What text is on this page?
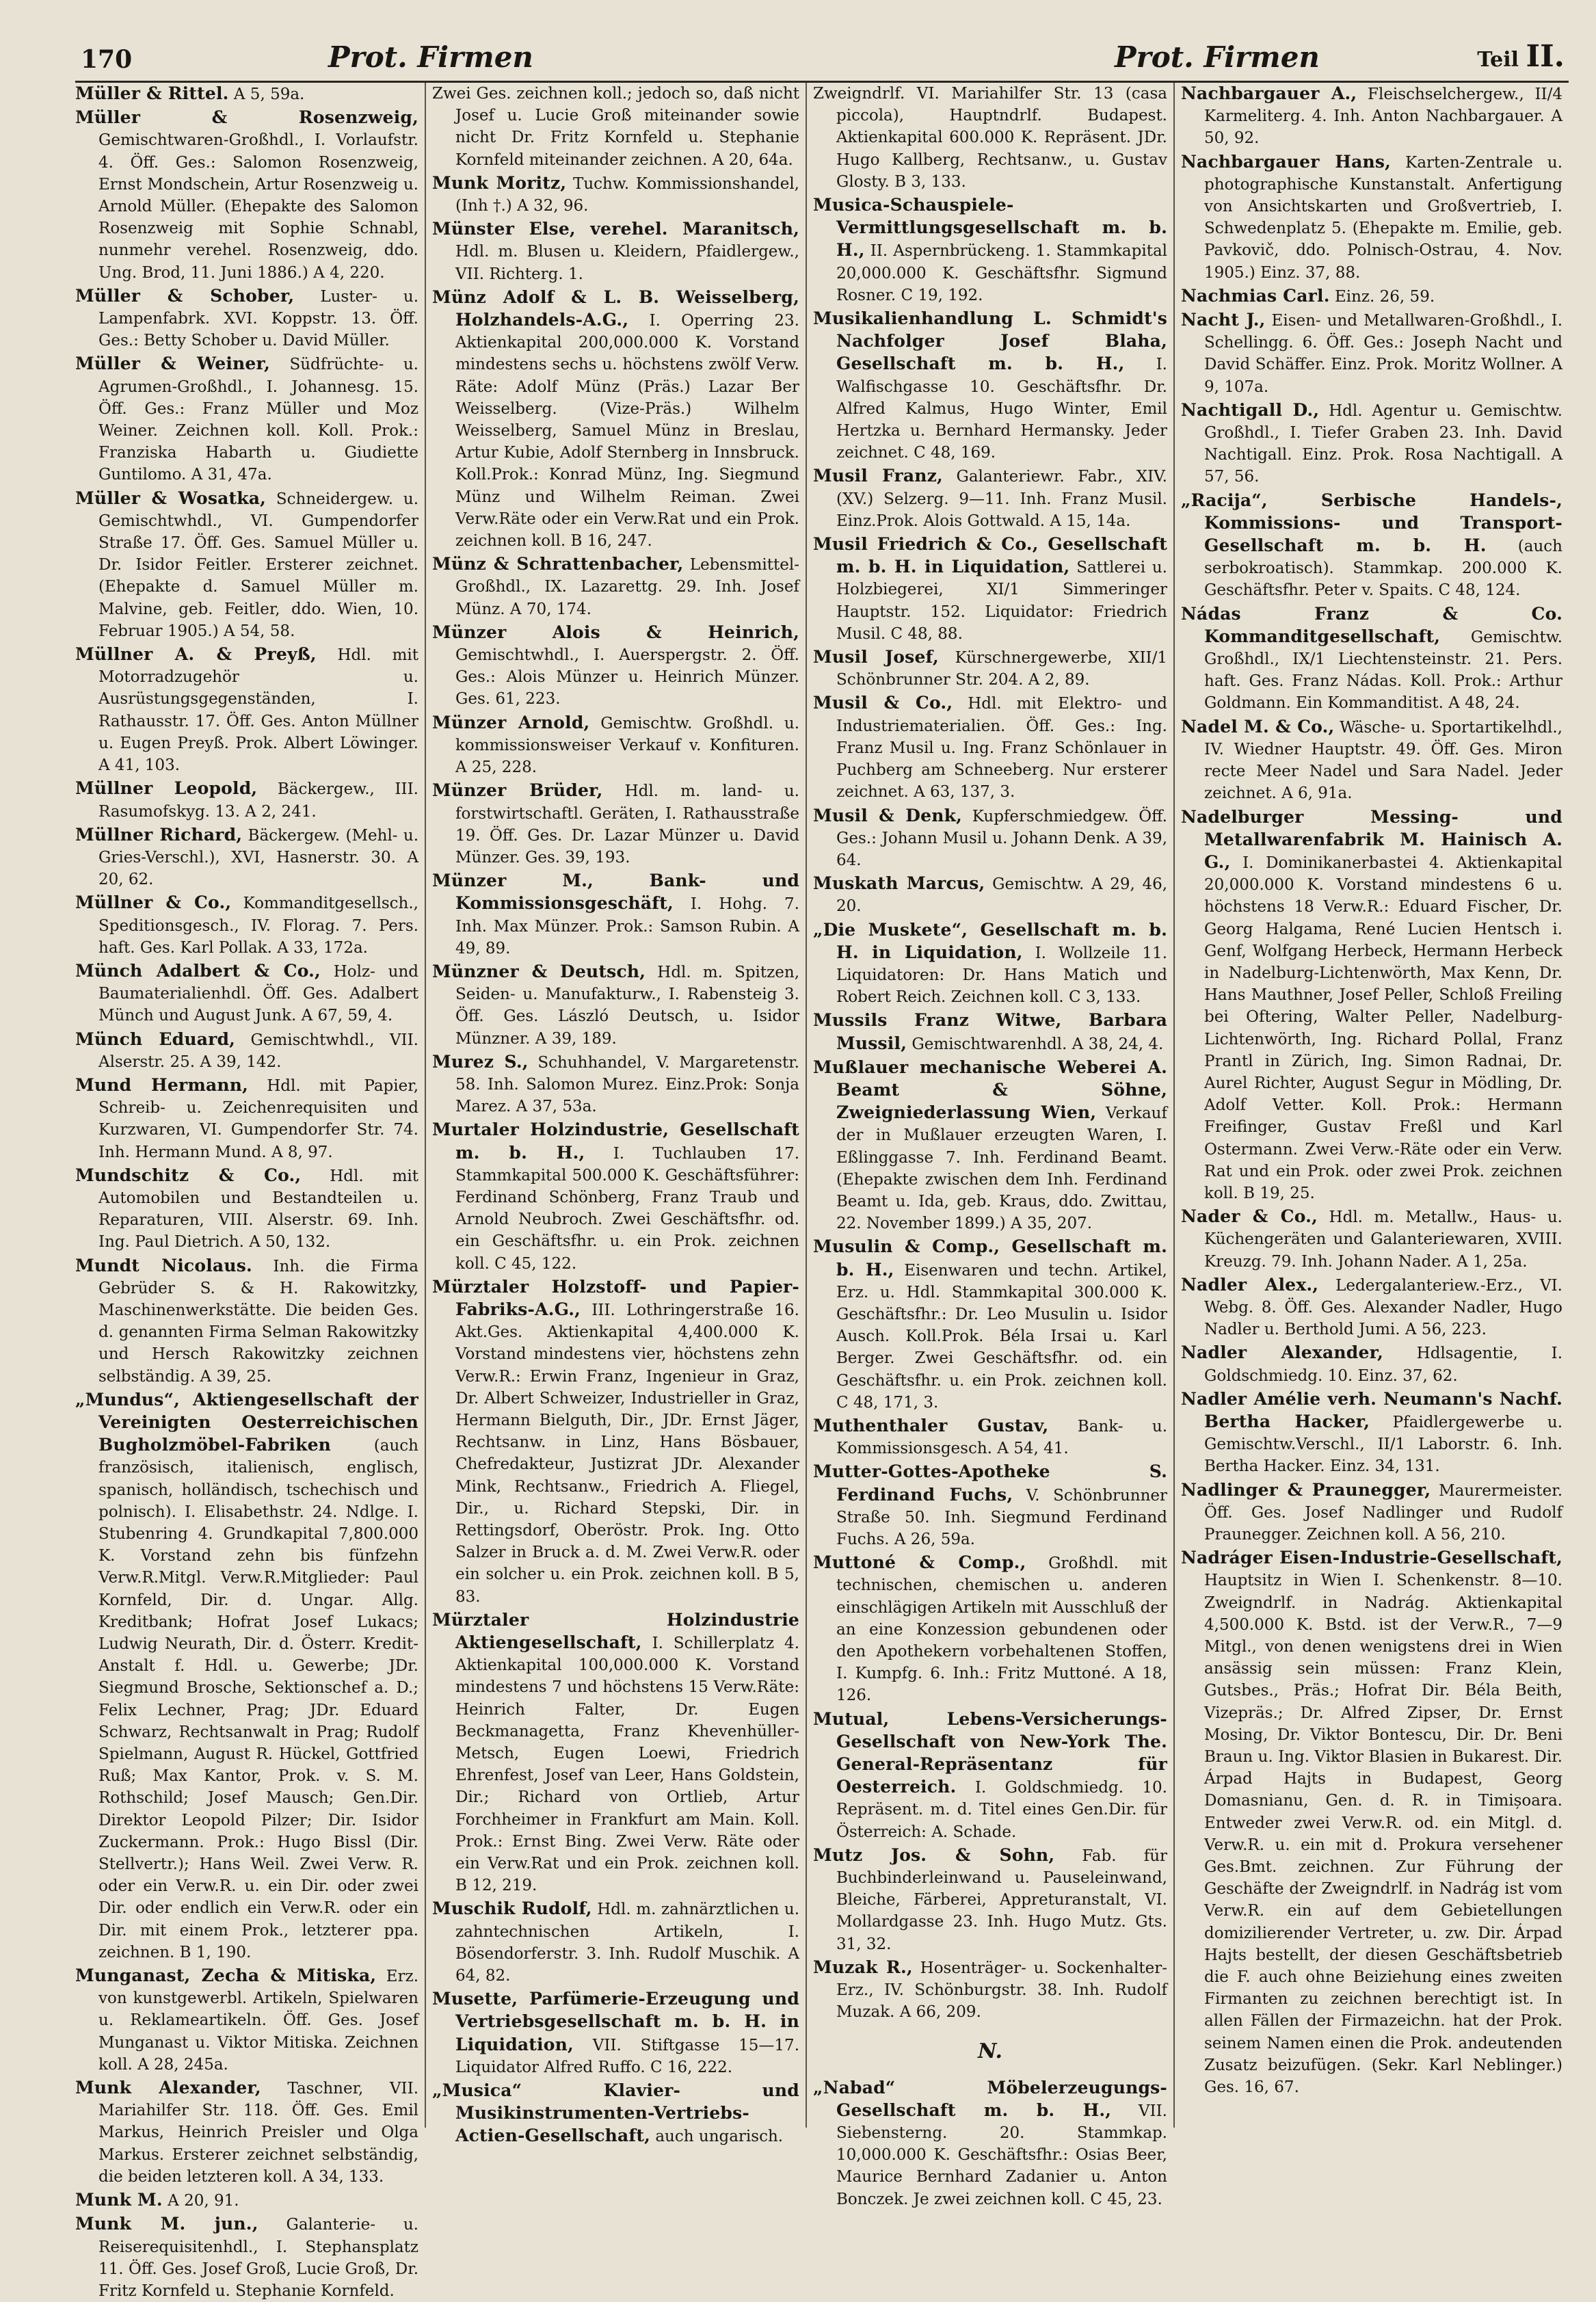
170	Prot. Firmen	Prot. Firmen	Teil II.

Müller & Rittel. A 5, 59a.

Müller & Rosenzweig, Gemischtwaren-Großhdl., I. Vorlaufstr. 4. Öff. Ges.: Salomon Rosenzweig, Ernst Mondschein, Artur Rosenzweig u. Arnold Müller. (Ehepakte des Salomon Rosenzweig mit Sophie Schnabl, nunmehr verehel. Rosenzweig, ddo. Ung. Brod, 11. Juni 1886.) A 4, 220.

Müller & Schober, Luster- u. Lampenfabrk. XVI. Koppstr. 13. Öff. Ges.: Betty Schober u. David Müller.

Müller & Weiner, Südfrüchte- u. Agrumen-Großhdl., I. Johannesg. 15. Öff. Ges.: Franz Müller und Moz Weiner. Zeichnen koll. Koll. Prok.: Franziska Habarth u. Giudiette Guntilomo. A 31, 47a.

Müller & Wosatka, Schneidergew. u. Gemischtwhdl., VI. Gumpendorfer Straße 17. Öff. Ges. Samuel Müller u. Dr. Isidor Feitler. Ersterer zeichnet. (Ehepakte d. Samuel Müller m. Malvine, geb. Feitler, ddo. Wien, 10. Februar 1905.) A 54, 58.

Müllner A. & Preyß, Hdl. mit Motorradzugehör u. Ausrüstungsgegenständen, I. Rathausstr. 17. Öff. Ges. Anton Müllner u. Eugen Preyß. Prok. Albert Löwinger. A 41, 103.

Müllner Leopold, Bäckergew., III. Rasumofskyg. 13. A 2, 241.

Müllner Richard, Bäckergew. (Mehl- u. Gries-Verschl.), XVI, Hasnerstr. 30. A 20, 62.

Müllner & Co., Kommanditgesellsch., Speditionsgesch., IV. Florag. 7. Pers. haft. Ges. Karl Pollak. A 33, 172a.

Münch Adalbert & Co., Holz- und Baumaterialienhdl. Öff. Ges. Adalbert Münch und August Junk. A 67, 59, 4.

Münch Eduard, Gemischtwhdl., VII. Alserstr. 25. A 39, 142.

Mund Hermann, Hdl. mit Papier, Schreib- u. Zeichenrequisiten und Kurzwaren, VI. Gumpendorfer Str. 74. Inh. Hermann Mund. A 8, 97.

Mundschitz & Co., Hdl. mit Automobilen und Bestandteilen u. Reparaturen, VIII. Alserstr. 69. Inh. Ing. Paul Dietrich. A 50, 132.

Mundt Nicolaus. Inh. die Firma Gebrüder S. & H. Rakowitzky, Maschinenwerkstätte. Die beiden Ges. d. genannten Firma Selman Rakowitzky und Hersch Rakowitzky zeichnen selbständig. A 39, 25.

„Mundus“, Aktiengesellschaft der Vereinigten Oesterreichischen Bugholzmöbel-Fabriken	(auch französisch, italienisch, englisch, spanisch, holländisch, tschechisch und polnisch). I. Elisabethstr. 24. Ndlge. I. Stubenring 4. Grundkapital 7,800.000 K. Vorstand zehn bis fünfzehn Verw.R.Mitgl. Verw.R.Mitglieder: Paul Kornfeld, Dir. d. Ungar. Allg. Kreditbank; Hofrat Josef Lukacs; Ludwig Neurath, Dir. d. Österr. Kredit-Anstalt f. Hdl. u. Gewerbe; JDr. Siegmund Brosche, Sektionschef a. D.; Felix Lechner, Prag; JDr. Eduard Schwarz, Rechtsanwalt in Prag; Rudolf Spielmann, August R. Hückel, Gottfried Ruß; Max Kantor, Prok. v. S. M. Rothschild; Josef Mausch; Gen.Dir. Direktor Leopold Pilzer; Dir. Isidor Zuckermann. Prok.: Hugo Bissl (Dir. Stellvertr.); Hans Weil. Zwei Verw. R. oder ein Verw.R. u. ein Dir. oder zwei Dir. oder endlich ein Verw.R. oder ein Dir. mit einem Prok., letzterer ppa. zeichnen. B 1, 190.

Munganast, Zecha & Mitiska, Erz. von kunstgewerbl. Artikeln, Spielwaren u. Reklameartikeln. Öff. Ges. Josef Munganast u. Viktor Mitiska. Zeichnen koll. A 28, 245a.

Munk Alexander, Taschner, VII. Mariahilfer Str. 118. Öff. Ges. Emil Markus, Heinrich Preisler und Olga Markus. Ersterer zeichnet selbständig, die beiden letzteren koll. A 34, 133.

Munk M. A 20, 91.

Munk M. jun., Galanterie- u. Reiserequisitenhdl., I. Stephansplatz 11. Öff. Ges. Josef Groß, Lucie Groß, Dr. Fritz Kornfeld u. Stephanie Kornfeld.

Zwei Ges. zeichnen koll.; jedoch so, daß nicht Josef u. Lucie Groß miteinander sowie nicht Dr. Fritz Kornfeld u. Stephanie Kornfeld miteinander zeichnen. A 20, 64a.

Munk Moritz, Tuchw. Kommissionshandel, (Inh †.) A 32, 96.

Münster Else, verehel. Maranitsch, Hdl. m. Blusen u. Kleidern, Pfaidlergew., VII. Richterg. 1.

Münz Adolf & L. B. Weisselberg, Holzhandels-A.G., I. Operring 23. Aktienkapital 200,000.000 K. Vorstand mindestens sechs u. höchstens zwölf Verw. Räte: Adolf Münz (Präs.) Lazar Ber Weisselberg. (Vize-Präs.) Wilhelm Weisselberg, Samuel Münz in Breslau, Artur Kubie, Adolf Sternberg in Innsbruck. Koll.Prok.: Konrad Münz, Ing. Siegmund Münz und Wilhelm Reiman. Zwei Verw.Räte oder ein Verw.Rat und ein Prok. zeichnen koll. B 16, 247.

Münz & Schrattenbacher, Lebensmittel-Großhdl., IX. Lazarettg. 29. Inh. Josef Münz. A 70, 174.

Münzer Alois & Heinrich, Gemischtwhdl., I. Auerspergstr. 2. Öff. Ges.: Alois Münzer u. Heinrich Münzer. Ges. 61, 223.

Münzer Arnold, Gemischtw. Großhdl. u. kommissionsweiser Verkauf v. Konfituren. A 25, 228.

Münzer Brüder, Hdl. m. land- u. forstwirtschaftl. Geräten, I. Rathausstraße 19. Öff. Ges. Dr. Lazar Münzer u. David Münzer. Ges. 39, 193.

Münzer M., Bank- und Kommissionsgeschäft, I. Hohg. 7. Inh. Max Münzer. Prok.: Samson Rubin. A 49, 89.

Münzner & Deutsch, Hdl. m. Spitzen, Seiden- u. Manufakturw., I. Rabensteig 3. Öff. Ges. László Deutsch, u. Isidor Münzner. A 39, 189.

Murez S., Schuhhandel, V. Margaretenstr. 58. Inh. Salomon Murez. Einz.Prok: Sonja Marez. A 37, 53a.

Murtaler Holzindustrie, Gesellschaft m. b. H., I. Tuchlauben 17. Stammkapital 500.000 K. Geschäftsführer: Ferdinand Schönberg, Franz Traub und Arnold Neubroch. Zwei Geschäftsfhr. od. ein Geschäftsfhr. u. ein Prok. zeichnen koll. C 45, 122.

Mürztaler Holzstoff- und Papier-Fabriks-A.G., III. Lothringerstraße 16. Akt.Ges. Aktienkapital 4,400.000 K. Vorstand mindestens vier, höchstens zehn Verw.R.: Erwin Franz, Ingenieur in Graz, Dr. Albert Schweizer, Industrieller in Graz, Hermann Bielguth, Dir., JDr. Ernst Jäger, Rechtsanw. in Linz, Hans Bösbauer, Chefredakteur, Justizrat JDr. Alexander Mink, Rechtsanw., Friedrich A. Fliegel, Dir., u. Richard Stepski, Dir. in Rettingsdorf, Oberöstr. Prok. Ing. Otto Salzer in Bruck a. d. M. Zwei Verw.R. oder ein solcher u. ein Prok. zeichnen koll. B 5, 83.

Mürztaler Holzindustrie Aktiengesellschaft, I. Schillerplatz 4. Aktienkapital 100,000.000 K. Vorstand mindestens 7 und höchstens 15 Verw.Räte: Heinrich Falter, Dr. Eugen Beckmanagetta, Franz Khevenhüller-Metsch, Eugen Loewi, Friedrich Ehrenfest, Josef van Leer, Hans Goldstein, Dir.; Richard von Ortlieb, Artur Forchheimer in Frankfurt am Main. Koll. Prok.: Ernst Bing. Zwei Verw. Räte oder ein Verw.Rat und ein Prok. zeichnen koll. B 12, 219.

Muschik Rudolf, Hdl. m. zahnärztlichen u. zahntechnischen Artikeln, I. Bösendorferstr. 3. Inh. Rudolf Muschik. A 64, 82.

Musette, Parfümerie-Erzeugung und Vertriebsgesellschaft m. b. H. in Liquidation, VII. Stiftgasse 15—17. Liquidator Alfred Ruffo. C 16, 222.

„Musica“ Klavier- und Musikinstrumenten-Vertriebs-Actien-Gesellschaft, auch ungarisch.

Zweigndrlf. VI. Mariahilfer Str. 13 (casa piccola), Hauptndrlf. Budapest. Aktienkapital 600.000 K. Repräsent. JDr. Hugo Kallberg, Rechtsanw., u. Gustav Glosty. B 3, 133.

Musica-Schauspiele-Vermittlungsgesellschaft m. b. H., II. Aspernbrückeng. 1. Stammkapital 20,000.000 K. Geschäftsfhr. Sigmund Rosner. C 19, 192.

Musikalienhandlung L. Schmidt's Nachfolger Josef Blaha, Gesellschaft m. b. H., I. Walfischgasse 10. Geschäftsfhr. Dr. Alfred Kalmus, Hugo Winter, Emil Hertzka u. Bernhard Hermansky. Jeder zeichnet. C 48, 169.

Musil Franz, Galanteriewr. Fabr., XIV. (XV.) Selzerg. 9—11. Inh. Franz Musil. Einz.Prok. Alois Gottwald. A 15, 14a.

Musil Friedrich & Co., Gesellschaft m. b. H. in Liquidation, Sattlerei u. Holzbiegerei, XI/1 Simmeringer Hauptstr. 152. Liquidator: Friedrich Musil. C 48, 88.

Musil Josef, Kürschnergewerbe, XII/1 Schönbrunner Str. 204. A 2, 89.

Musil & Co., Hdl. mit Elektro- und Industriematerialien. Öff. Ges.: Ing. Franz Musil u. Ing. Franz Schönlauer in Puchberg am Schneeberg. Nur ersterer zeichnet. A 63, 137, 3.

Musil & Denk, Kupferschmiedgew. Öff. Ges.: Johann Musil u. Johann Denk. A 39, 64.

Muskath Marcus, Gemischtw. A 29, 46, 20.

„Die Muskete“, Gesellschaft m. b. H. in Liquidation, I. Wollzeile 11. Liquidatoren: Dr. Hans Matich und Robert Reich. Zeichnen koll. C 3, 133.

Mussils Franz Witwe, Barbara Mussil, Gemischtwarenhdl. A 38, 24, 4.

Mußlauer mechanische Weberei A. Beamt & Söhne, Zweigniederlassung Wien, Verkauf der in Mußlauer erzeugten Waren, I. Eßlinggasse 7. Inh. Ferdinand Beamt. (Ehepakte zwischen dem Inh. Ferdinand Beamt u. Ida, geb. Kraus, ddo. Zwittau, 22. November 1899.) A 35, 207.

Musulin & Comp., Gesellschaft m. b. H., Eisenwaren und techn. Artikel, Erz. u. Hdl. Stammkapital 300.000 K. Geschäftsfhr.: Dr. Leo Musulin u. Isidor Ausch. Koll.Prok. Béla Irsai u. Karl Berger. Zwei Geschäftsfhr. od. ein Geschäftsfhr. u. ein Prok. zeichnen koll. C 48, 171, 3.

Muthenthaler Gustav, Bank- u. Kommissionsgesch. A 54, 41.

Mutter-Gottes-Apotheke S. Ferdinand Fuchs, V. Schönbrunner Straße 50. Inh. Siegmund Ferdinand Fuchs. A 26, 59a.

Muttoné & Comp., Großhdl. mit technischen, chemischen u. anderen einschlägigen Artikeln mit Ausschluß der an eine Konzession gebundenen oder den Apothekern vorbehaltenen Stoffen, I. Kumpfg. 6. Inh.: Fritz Muttoné. A 18, 126.

Mutual, Lebens-Versicherungs-Gesellschaft von New-York The. General-Repräsentanz für Oesterreich. I. Goldschmiedg. 10. Repräsent. m. d. Titel eines Gen.Dir. für Österreich: A. Schade.

Mutz Jos. & Sohn, Fab. für Buchbinderleinwand u. Pauseleinwand, Bleiche, Färberei, Appreturanstalt, VI. Mollardgasse 23. Inh. Hugo Mutz. Gts. 31, 32.

Muzak R., Hosenträger- u. Sockenhalter-Erz., IV. Schönburgstr. 38. Inh. Rudolf Muzak. A 66, 209.

N.

„Nabad“ Möbelerzeugungs-Gesellschaft m. b. H., VII. Siebensterng. 20. Stammkap. 10,000.000 K. Geschäftsfhr.: Osias Beer, Maurice Bernhard Zadanier u. Anton Bonczek. Je zwei zeichnen koll. C 45, 23.

Nachbargauer A., Fleischselchergew., II/4 Karmeliterg. 4. Inh. Anton Nachbargauer. A 50, 92.

Nachbargauer Hans, Karten-Zentrale u. photographische Kunstanstalt. Anfertigung von Ansichtskarten und Großvertrieb, I. Schwedenplatz 5. (Ehepakte m. Emilie, geb. Pavkovič, ddo. Polnisch-Ostrau, 4. Nov. 1905.) Einz. 37, 88.

Nachmias Carl. Einz. 26, 59.

Nacht J., Eisen- und Metallwaren-Großhdl., I. Schellingg. 6. Öff. Ges.: Joseph Nacht und David Schäffer. Einz. Prok. Moritz Wollner. A 9, 107a.

Nachtigall D., Hdl. Agentur u. Gemischtw. Großhdl., I. Tiefer Graben 23. Inh. David Nachtigall. Einz. Prok. Rosa Nachtigall. A 57, 56.

„Racija“, Serbische Handels-, Kommissions- und Transport-Gesellschaft m. b. H. (auch serbokroatisch). Stammkap. 200.000 K. Geschäftsfhr. Peter v. Spaits. C 48, 124.

Nádas Franz & Co. Kommanditgesellschaft, Gemischtw. Großhdl., IX/1 Liechtensteinstr. 21. Pers. haft. Ges. Franz Nádas. Koll. Prok.: Arthur Goldmann. Ein Kommanditist. A 48, 24.

Nadel M. & Co., Wäsche- u. Sportartikelhdl., IV. Wiedner Hauptstr. 49. Öff. Ges. Miron recte Meer Nadel und Sara Nadel. Jeder zeichnet. A 6, 91a.

Nadelburger Messing- und Metallwarenfabrik M. Hainisch A. G., I. Dominikanerbastei 4. Aktienkapital 20,000.000 K. Vorstand mindestens 6 u. höchstens 18 Verw.R.: Eduard Fischer, Dr. Georg Halgama, René Lucien Hentsch i. Genf, Wolfgang Herbeck, Hermann Herbeck in Nadelburg-Lichtenwörth, Max Kenn, Dr. Hans Mauthner, Josef Peller, Schloß Freiling bei Oftering, Walter Peller, Nadelburg-Lichtenwörth, Ing. Richard Pollal, Franz Prantl in Zürich, Ing. Simon Radnai, Dr. Aurel Richter, August Segur in Mödling, Dr. Adolf Vetter. Koll. Prok.: Hermann Freifinger, Gustav Freßl und Karl Ostermann. Zwei Verw.-Räte oder ein Verw. Rat und ein Prok. oder zwei Prok. zeichnen koll. B 19, 25.

Nader & Co., Hdl. m. Metallw., Haus- u. Küchengeräten und Galanteriewaren, XVIII. Kreuzg. 79. Inh. Johann Nader. A 1, 25a.

Nadler Alex., Ledergalanteriew.-Erz., VI. Webg. 8. Öff. Ges. Alexander Nadler, Hugo Nadler u. Berthold Jumi. A 56, 223.

Nadler Alexander, Hdlsagentie, I. Goldschmiedg. 10. Einz. 37, 62.

Nadler Amélie verh. Neumann's Nachf. Bertha Hacker, Pfaidlergewerbe u. Gemischtw.Verschl., II/1 Laborstr. 6. Inh. Bertha Hacker. Einz. 34, 131.

Nadlinger & Praunegger, Maurermeister. Öff. Ges. Josef Nadlinger und Rudolf Praunegger. Zeichnen koll. A 56, 210.

Nadráger Eisen-Industrie-Gesellschaft, Hauptsitz in Wien I. Schenkenstr. 8—10. Zweigndrlf. in Nadrág. Aktienkapital 4,500.000 K. Bstd. ist der Verw.R., 7—9 Mitgl., von denen wenigstens drei in Wien ansässig sein müssen: Franz Klein, Gutsbes., Präs.; Hofrat Dir. Béla Beith, Vizepräs.; Dr. Alfred Zipser, Dr. Ernst Mosing, Dr. Viktor Bontescu, Dir. Dr. Beni Braun u. Ing. Viktor Blasien in Bukarest. Dir. Árpad Hajts in Budapest, Georg Domasnianu, Gen. d. R. in Timișoara. Entweder zwei Verw.R. od. ein Mitgl. d. Verw.R. u. ein mit d. Prokura versehener Ges.Bmt. zeichnen. Zur Führung der Geschäfte der Zweigndrlf. in Nadrág ist vom Verw.R. ein auf dem Gebietellungen domizilierender Vertreter, u. zw. Dir. Árpad Hajts bestellt, der diesen Geschäftsbetrieb die F. auch ohne Beiziehung eines zweiten Firmanten zu zeichnen berechtigt ist. In allen Fällen der Firmazeichn. hat der Prok. seinem Namen einen die Prok. andeutenden Zusatz beizufügen. (Sekr. Karl Neblinger.) Ges. 16, 67.
